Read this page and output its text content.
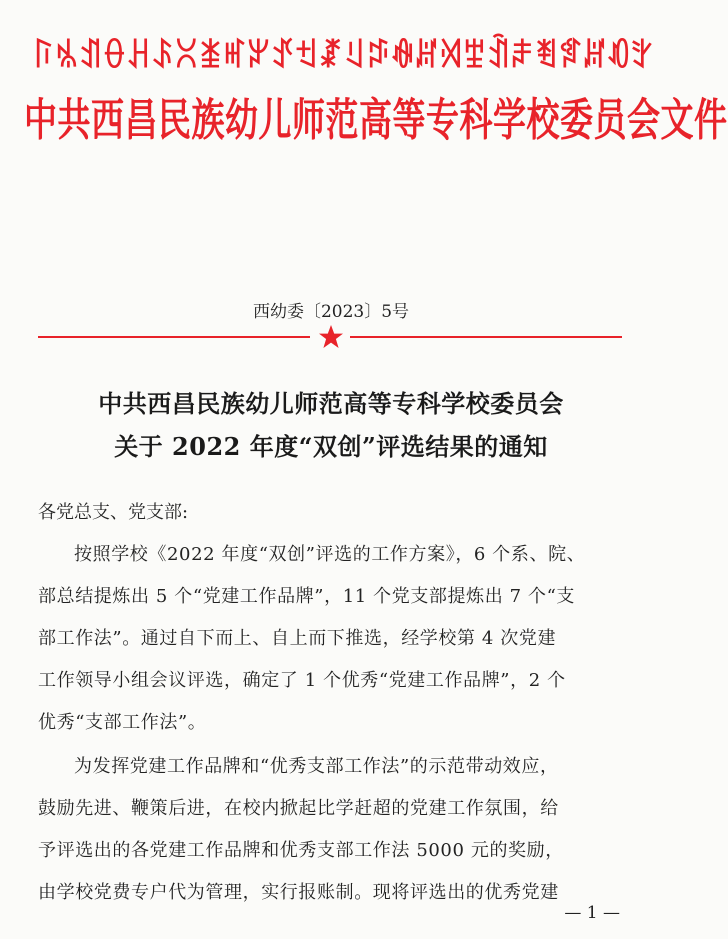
ꑍꁱꀊꂷꃅꌺꇤꁧꎭꏃꀋꉬꊨꆹꁯꊿꏦꄉꄻꀉꌧꄮꅼꏦꀒꇬ
中共西昌民族幼儿师范高等专科学校委员会文件
西幼委〔2023〕5号
中共西昌民族幼儿师范高等专科学校委员会
关于 2022 年度“双创”评选结果的通知
各党总支、党支部:
按照学校《2022 年度“双创”评选的工作方案》，6 个系、院、
部总结提炼出 5 个“党建工作品牌”，11 个党支部提炼出 7 个“支
部工作法”。通过自下而上、自上而下推选，经学校第 4 次党建
工作领导小组会议评选，确定了 1 个优秀“党建工作品牌”，2 个
优秀“支部工作法”。
为发挥党建工作品牌和“优秀支部工作法”的示范带动效应，
鼓励先进、鞭策后进，在校内掀起比学赶超的党建工作氛围，给
予评选出的各党建工作品牌和优秀支部工作法 5000 元的奖励，
由学校党费专户代为管理，实行报账制。现将评选出的优秀党建
— 1 —
